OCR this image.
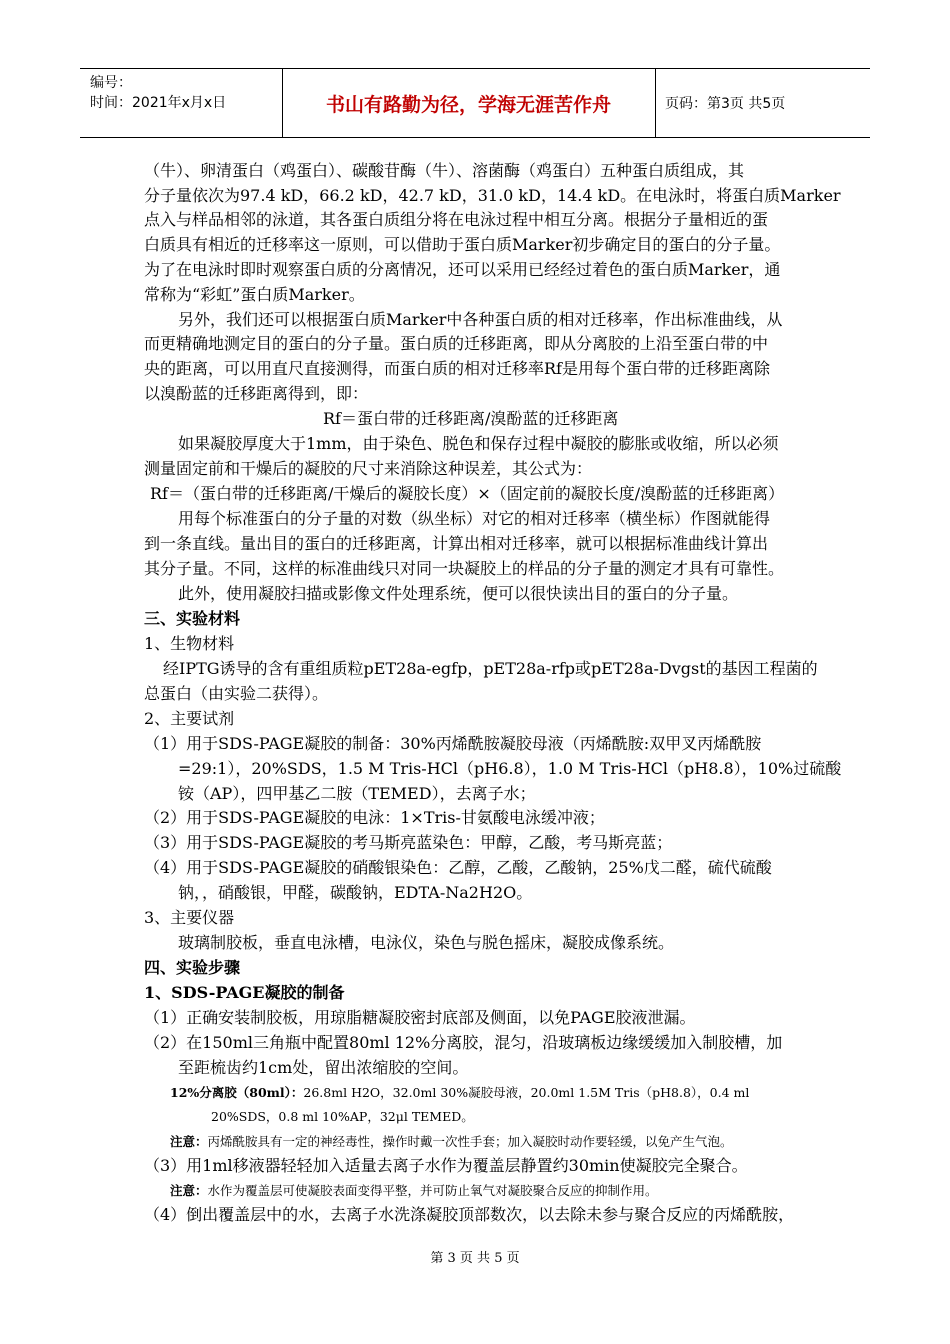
编号：
时间：2021年x月x日	书山有路勤为径，学海无涯苦作舟	页码：第3页 共5页
（牛）、卵清蛋白（鸡蛋白）、碳酸苷酶（牛）、溶菌酶（鸡蛋白）五种蛋白质组成，其
分子量依次为97.4 kD，66.2 kD，42.7 kD，31.0 kD，14.4 kD。在电泳时，将蛋白质Marker
点入与样品相邻的泳道，其各蛋白质组分将在电泳过程中相互分离。根据分子量相近的蛋
白质具有相近的迁移率这一原则，可以借助于蛋白质Marker初步确定目的蛋白的分子量。
为了在电泳时即时观察蛋白质的分离情况，还可以采用已经经过着色的蛋白质Marker，通
常称为“彩虹”蛋白质Marker。
另外，我们还可以根据蛋白质Marker中各种蛋白质的相对迁移率，作出标准曲线，从
而更精确地测定目的蛋白的分子量。蛋白质的迁移距离，即从分离胶的上沿至蛋白带的中
央的距离，可以用直尺直接测得，而蛋白质的相对迁移率Rf是用每个蛋白带的迁移距离除
以溴酚蓝的迁移距离得到，即：
Rf＝蛋白带的迁移距离/溴酚蓝的迁移距离
如果凝胶厚度大于1mm，由于染色、脱色和保存过程中凝胶的膨胀或收缩，所以必须
测量固定前和干燥后的凝胶的尺寸来消除这种误差，其公式为：
Rf＝（蛋白带的迁移距离/干燥后的凝胶长度）×（固定前的凝胶长度/溴酚蓝的迁移距离）
用每个标准蛋白的分子量的对数（纵坐标）对它的相对迁移率（横坐标）作图就能得
到一条直线。量出目的蛋白的迁移距离，计算出相对迁移率，就可以根据标准曲线计算出
其分子量。不同，这样的标准曲线只对同一块凝胶上的样品的分子量的测定才具有可靠性。
此外，使用凝胶扫描或影像文件处理系统，便可以很快读出目的蛋白的分子量。
三、实验材料
1、生物材料
经IPTG诱导的含有重组质粒pET28a-egfp，pET28a-rfp或pET28a-Dvgst的基因工程菌的
总蛋白（由实验二获得）。
2、主要试剂
（1）用于SDS-PAGE凝胶的制备：30%丙烯酰胺凝胶母液（丙烯酰胺:双甲叉丙烯酰胺
=29:1），20%SDS，1.5 M Tris-HCl（pH6.8），1.0 M Tris-HCl（pH8.8），10%过硫酸
铵（AP），四甲基乙二胺（TEMED），去离子水；
（2）用于SDS-PAGE凝胶的电泳：1×Tris-甘氨酸电泳缓冲液；
（3）用于SDS-PAGE凝胶的考马斯亮蓝染色：甲醇，乙酸，考马斯亮蓝；
（4）用于SDS-PAGE凝胶的硝酸银染色：乙醇，乙酸，乙酸钠，25%戊二醛，硫代硫酸
钠，，硝酸银，甲醛，碳酸钠，EDTA-Na2H2O。
3、主要仪器
玻璃制胶板，垂直电泳槽，电泳仪，染色与脱色摇床，凝胶成像系统。
四、实验步骤
1、SDS-PAGE凝胶的制备
（1）正确安装制胶板，用琼脂糖凝胶密封底部及侧面，以免PAGE胶液泄漏。
（2）在150ml三角瓶中配置80ml 12%分离胶，混匀，沿玻璃板边缘缓缓加入制胶槽，加
至距梳齿约1cm处，留出浓缩胶的空间。
12%分离胶（80ml）：26.8ml H2O，32.0ml 30%凝胶母液，20.0ml 1.5M Tris（pH8.8），0.4 ml
20%SDS，0.8 ml 10%AP，32μl TEMED。
注意：丙烯酰胺具有一定的神经毒性，操作时戴一次性手套；加入凝胶时动作要轻缓，以免产生气泡。
（3）用1ml移液器轻轻加入适量去离子水作为覆盖层静置约30min使凝胶完全聚合。
注意：水作为覆盖层可使凝胶表面变得平整，并可防止氧气对凝胶聚合反应的抑制作用。
（4）倒出覆盖层中的水，去离子水洗涤凝胶顶部数次，以去除未参与聚合反应的丙烯酰胺，
第 3 页 共 5 页
